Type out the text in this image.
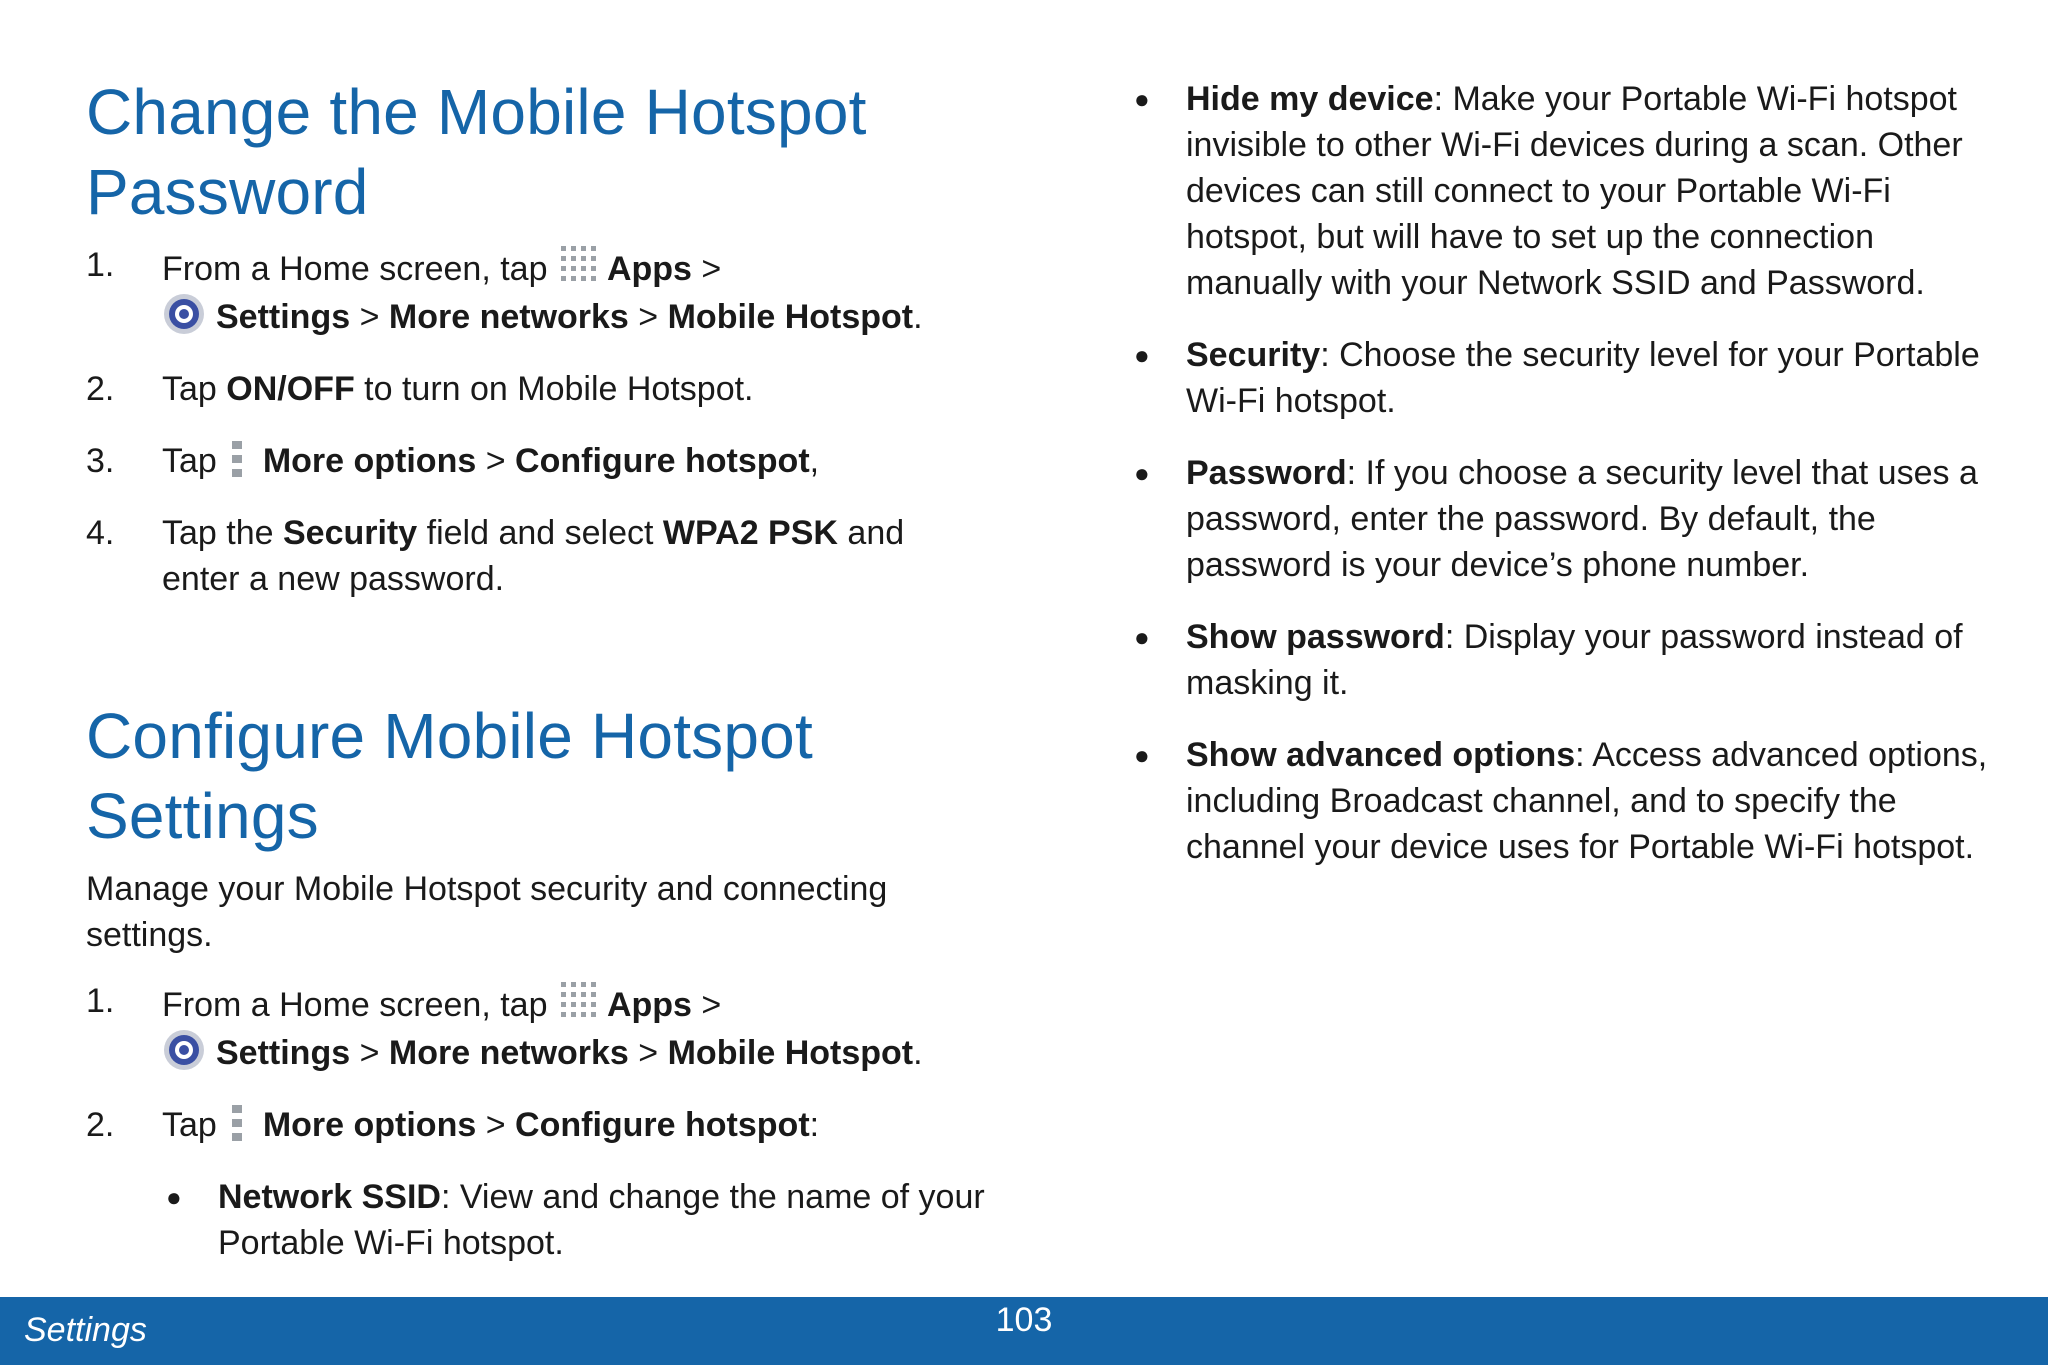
Change the Mobile Hotspot
Password
1. From a Home screen, tap Apps >
Settings > More networks > Mobile Hotspot.
2. Tap ON/OFF to turn on Mobile Hotspot.
3. Tap More options > Configure hotspot,
4. Tap the Security field and select WPA2 PSK and enter a new password.
Configure Mobile Hotspot
Settings

Manage your Mobile Hotspot security and connecting settings.

1. From a Home screen, tap Apps >
Settings > More networks > Mobile Hotspot.
2. Tap More options > Configure hotspot:
● Network SSID: View and change the name of your Portable Wi-Fi hotspot.
● Hide my device: Make your Portable Wi-Fi hotspot invisible to other Wi-Fi devices during a scan. Other devices can still connect to your Portable Wi-Fi hotspot, but will have to set up the connection manually with your Network SSID and Password.
● Security: Choose the security level for your Portable Wi-Fi hotspot.
● Password: If you choose a security level that uses a password, enter the password. By default, the password is your device’s phone number.
● Show password: Display your password instead of masking it.
● Show advanced options: Access advanced options, including Broadcast channel, and to specify the channel your device uses for Portable Wi-Fi hotspot.
Settings	103
